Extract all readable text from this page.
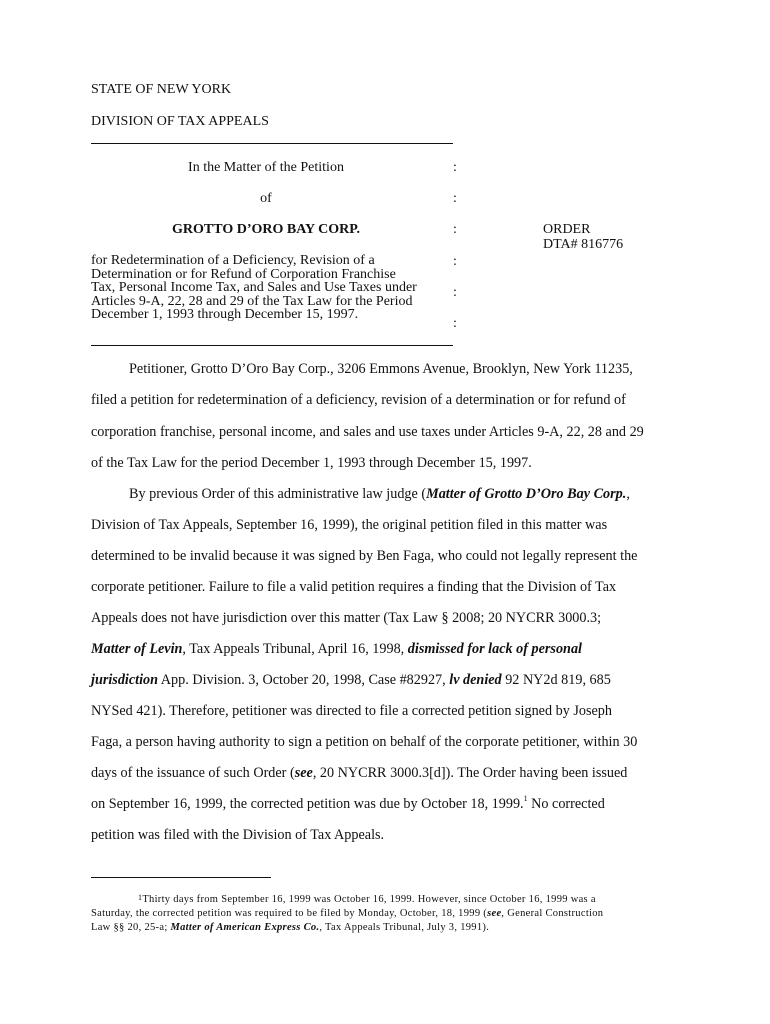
STATE OF NEW YORK
DIVISION OF TAX APPEALS
In the Matter of the Petition	:
of	:
GROTTO D’ORO BAY CORP.	:	ORDER
DTA# 816776
for Redetermination of a Deficiency, Revision of a
Determination or for Refund of Corporation Franchise
Tax, Personal Income Tax, and Sales and Use Taxes under
Articles 9-A, 22, 28 and 29 of the Tax Law for the Period
December 1, 1993 through December 15, 1997.
:
:
:
Petitioner, Grotto D’Oro Bay Corp., 3206 Emmons Avenue, Brooklyn, New York 11235,
filed a petition for redetermination of a deficiency, revision of a determination or for refund of
corporation franchise, personal income, and sales and use taxes under Articles 9-A, 22, 28 and 29
of the Tax Law for the period December 1, 1993 through December 15, 1997.
By previous Order of this administrative law judge (Matter of Grotto D’Oro Bay Corp.,
Division of Tax Appeals, September 16, 1999), the original petition filed in this matter was
determined to be invalid because it was signed by Ben Faga, who could not legally represent the
corporate petitioner. Failure to file a valid petition requires a finding that the Division of Tax
Appeals does not have jurisdiction over this matter (Tax Law § 2008; 20 NYCRR 3000.3;
Matter of Levin, Tax Appeals Tribunal, April 16, 1998, dismissed for lack of personal
jurisdiction App. Division. 3, October 20, 1998, Case #82927, lv denied 92 NY2d 819, 685
NYSed 421). Therefore, petitioner was directed to file a corrected petition signed by Joseph
Faga, a person having authority to sign a petition on behalf of the corporate petitioner, within 30
days of the issuance of such Order (see, 20 NYCRR 3000.3[d]). The Order having been issued
on September 16, 1999, the corrected petition was due by October 18, 1999.$^1$ No corrected
petition was filed with the Division of Tax Appeals.
$^1$Thirty days from September 16, 1999 was October 16, 1999. However, since October 16, 1999 was a
Saturday, the corrected petition was required to be filed by Monday, October, 18, 1999 (see, General Construction
Law §§ 20, 25-a; Matter of American Express Co., Tax Appeals Tribunal, July 3, 1991).
